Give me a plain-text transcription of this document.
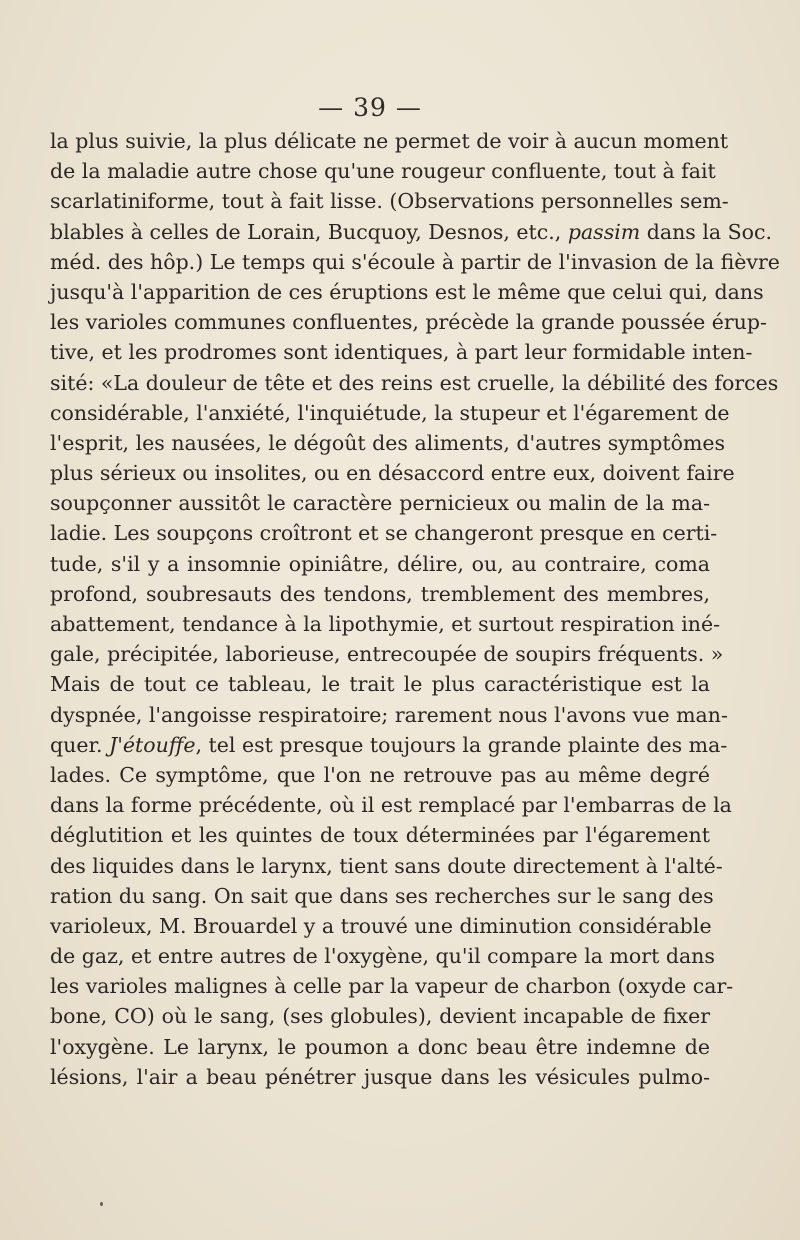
— 39 —
la plus suivie, la plus délicate ne permet de voir à aucun moment
de la maladie autre chose qu'une rougeur confluente, tout à fait
scarlatiniforme, tout à fait lisse. (Observations personnelles sem-
blables à celles de Lorain, Bucquoy, Desnos, etc., passim dans la Soc.
méd. des hôp.) Le temps qui s'écoule à partir de l'invasion de la fièvre
jusqu'à l'apparition de ces éruptions est le même que celui qui, dans
les varioles communes confluentes, précède la grande poussée érup-
tive, et les prodromes sont identiques, à part leur formidable inten-
sité: «La douleur de tête et des reins est cruelle, la débilité des forces
considérable, l'anxiété, l'inquiétude, la stupeur et l'égarement de
l'esprit, les nausées, le dégoût des aliments, d'autres symptômes
plus sérieux ou insolites, ou en désaccord entre eux, doivent faire
soupçonner aussitôt le caractère pernicieux ou malin de la ma-
ladie. Les soupçons croîtront et se changeront presque en certi-
tude, s'il y a insomnie opiniâtre, délire, ou, au contraire, coma
profond, soubresauts des tendons, tremblement des membres,
abattement, tendance à la lipothymie, et surtout respiration iné-
gale, précipitée, laborieuse, entrecoupée de soupirs fréquents. »
Mais de tout ce tableau, le trait le plus caractéristique est la
dyspnée, l'angoisse respiratoire; rarement nous l'avons vue man-
quer. J'étouffe, tel est presque toujours la grande plainte des ma-
lades. Ce symptôme, que l'on ne retrouve pas au même degré
dans la forme précédente, où il est remplacé par l'embarras de la
déglutition et les quintes de toux déterminées par l'égarement
des liquides dans le larynx, tient sans doute directement à l'alté-
ration du sang. On sait que dans ses recherches sur le sang des
varioleux, M. Brouardel y a trouvé une diminution considérable
de gaz, et entre autres de l'oxygène, qu'il compare la mort dans
les varioles malignes à celle par la vapeur de charbon (oxyde car-
bone, CO) où le sang, (ses globules), devient incapable de fixer
l'oxygène. Le larynx, le poumon a donc beau être indemne de
lésions, l'air a beau pénétrer jusque dans les vésicules pulmo-
